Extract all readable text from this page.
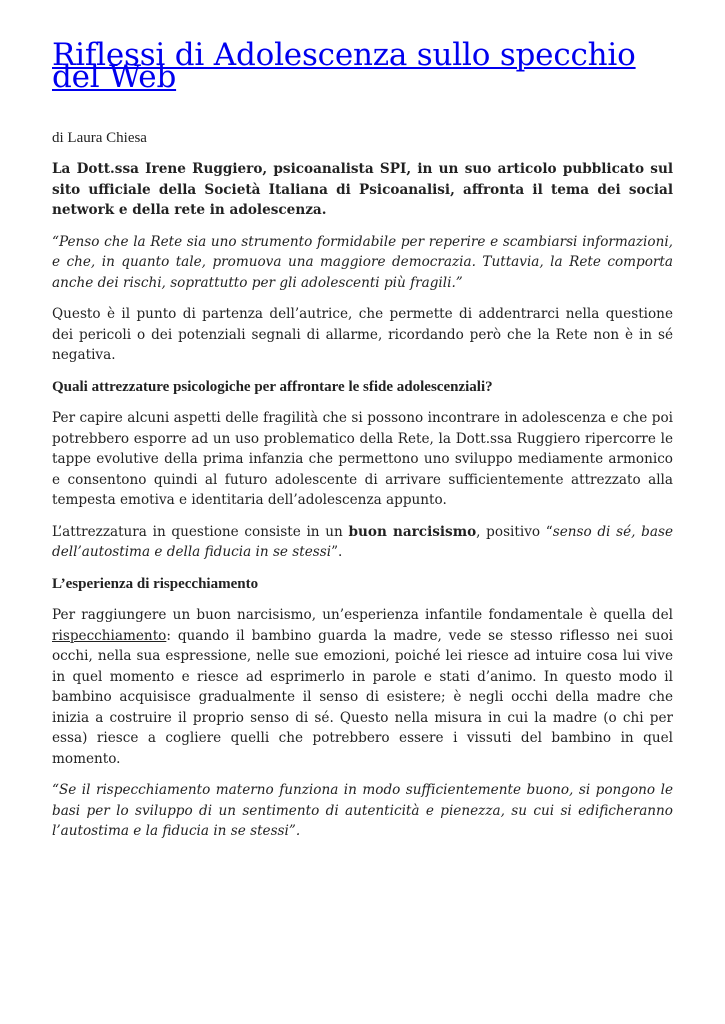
Riflessi di Adolescenza sullo specchio del Web

di Laura Chiesa

La Dott.ssa Irene Ruggiero, psicoanalista SPI, in un suo articolo pubblicato sul sito ufficiale della Società Italiana di Psicoanalisi, affronta il tema dei social network e della rete in adolescenza.

“Penso che la Rete sia uno strumento formidabile per reperire e scambiarsi informazioni, e che, in quanto tale, promuova una maggiore democrazia. Tuttavia, la Rete comporta anche dei rischi, soprattutto per gli adolescenti più fragili.”

Questo è il punto di partenza dell’autrice, che permette di addentrarci nella questione dei pericoli o dei potenziali segnali di allarme, ricordando però che la Rete non è in sé negativa.

Quali attrezzature psicologiche per affrontare le sfide adolescenziali?

Per capire alcuni aspetti delle fragilità che si possono incontrare in adolescenza e che poi potrebbero esporre ad un uso problematico della Rete, la Dott.ssa Ruggiero ripercorre le tappe evolutive della prima infanzia che permettono uno sviluppo mediamente armonico e consentono quindi al futuro adolescente di arrivare sufficientemente attrezzato alla tempesta emotiva e identitaria dell’adolescenza appunto.

L’attrezzatura in questione consiste in un buon narcisismo, positivo “senso di sé, base dell’autostima e della fiducia in se stessi”.

L’esperienza di rispecchiamento

Per raggiungere un buon narcisismo, un’esperienza infantile fondamentale è quella del rispecchiamento: quando il bambino guarda la madre, vede se stesso riflesso nei suoi occhi, nella sua espressione, nelle sue emozioni, poiché lei riesce ad intuire cosa lui vive in quel momento e riesce ad esprimerlo in parole e stati d’animo. In questo modo il bambino acquisisce gradualmente il senso di esistere; è negli occhi della madre che inizia a costruire il proprio senso di sé. Questo nella misura in cui la madre (o chi per essa) riesce a cogliere quelli che potrebbero essere i vissuti del bambino in quel momento.

“Se il rispecchiamento materno funziona in modo sufficientemente buono, si pongono le basi per lo sviluppo di un sentimento di autenticità e pienezza, su cui si edificheranno l’autostima e la fiducia in se stessi”.
